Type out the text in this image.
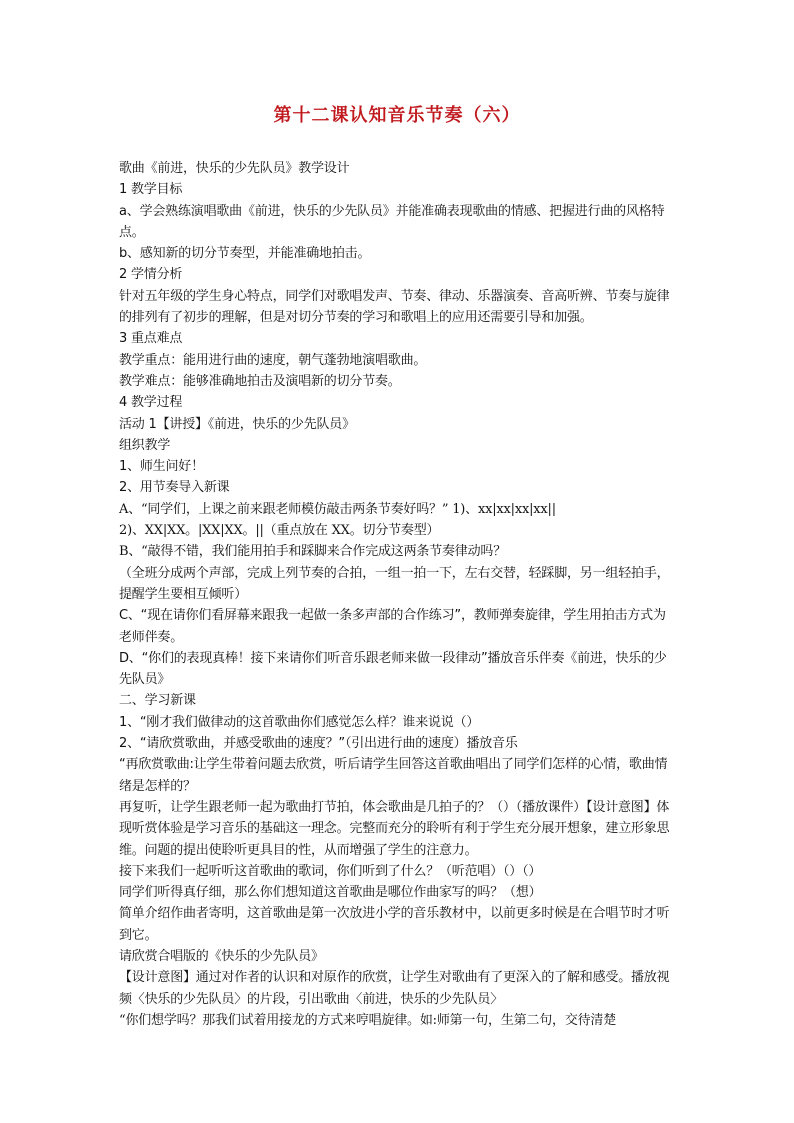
第十二课认知音乐节奏（六）

歌曲《前进，快乐的少先队员》教学设计

1 教学目标

a、学会熟练演唱歌曲《前进，快乐的少先队员》并能准确表现歌曲的情感、把握进行曲的风格特点。

b、感知新的切分节奏型，并能准确地拍击。

2 学情分析

针对五年级的学生身心特点，同学们对歌唱发声、节奏、律动、乐器演奏、音高听辨、节奏与旋律的排列有了初步的理解，但是对切分节奏的学习和歌唱上的应用还需要引导和加强。

3 重点难点

教学重点：能用进行曲的速度，朝气蓬勃地演唱歌曲。

教学难点：能够准确地拍击及演唱新的切分节奏。

4 教学过程

活动 1【讲授】《前进，快乐的少先队员》

组织教学

1、师生问好！

2、用节奏导入新课

A、“同学们，上课之前来跟老师模仿敲击两条节奏好吗？” 1)、xx|xx|xx|xx||

2)、XX|XX。|XX|XX。||（重点放在 XX。切分节奏型）

B、“敲得不错，我们能用拍手和踩脚来合作完成这两条节奏律动吗？

（全班分成两个声部，完成上列节奏的合拍，一组一拍一下，左右交替，轻踩脚，另一组轻拍手，提醒学生要相互倾听）

C、“现在请你们看屏幕来跟我一起做一条多声部的合作练习”，教师弹奏旋律，学生用拍击方式为老师伴奏。

D、“你们的表现真棒！接下来请你们听音乐跟老师来做一段律动”播放音乐伴奏《前进，快乐的少先队员》

二、学习新课

1、“刚才我们做律动的这首歌曲你们感觉怎么样？谁来说说（）

2、“请欣赏歌曲，并感受歌曲的速度？”（引出进行曲的速度）播放音乐

“再欣赏歌曲:让学生带着问题去欣赏，听后请学生回答这首歌曲唱出了同学们怎样的心情，歌曲情绪是怎样的？

再复听，让学生跟老师一起为歌曲打节拍，体会歌曲是几拍子的？（）（播放课件）【设计意图】体现听赏体验是学习音乐的基础这一理念。完整而充分的聆听有利于学生充分展开想象，建立形象思维。问题的提出使聆听更具目的性，从而增强了学生的注意力。

接下来我们一起听听这首歌曲的歌词，你们听到了什么？（听范唱）（）（）

同学们听得真仔细，那么你们想知道这首歌曲是哪位作曲家写的吗？（想）

简单介绍作曲者寄明，这首歌曲是第一次放进小学的音乐教材中，以前更多时候是在合唱节时才听到它。

请欣赏合唱版的《快乐的少先队员》

【设计意图】通过对作者的认识和对原作的欣赏，让学生对歌曲有了更深入的了解和感受。播放视频〈快乐的少先队员〉的片段，引出歌曲〈前进，快乐的少先队员〉

“你们想学吗？那我们试着用接龙的方式来哼唱旋律。如:师第一句，生第二句，交待清楚
